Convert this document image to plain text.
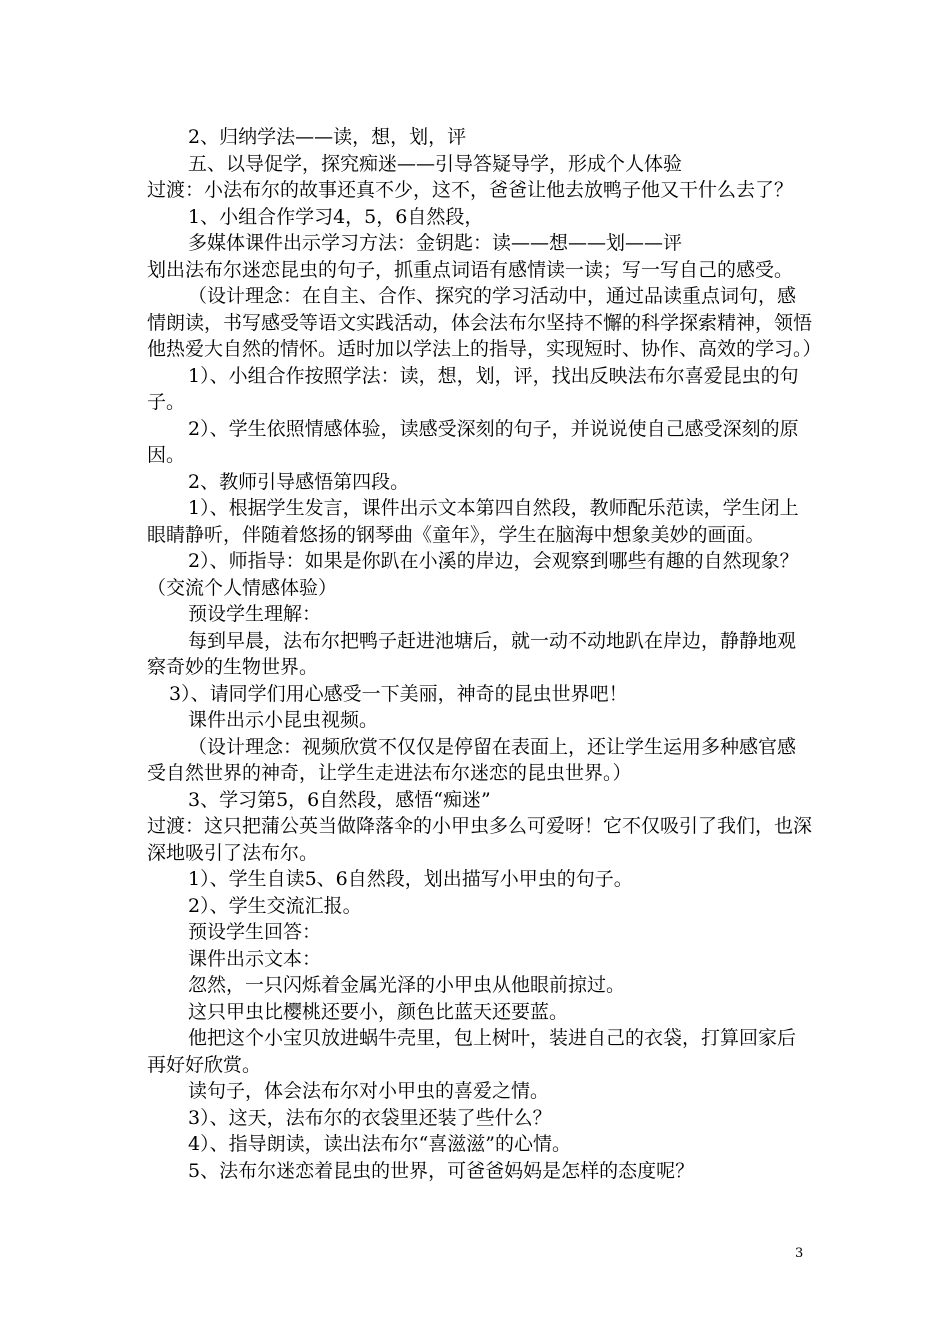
2、归纳学法——读，想，划，评

五、以导促学，探究痴迷——引导答疑导学，形成个人体验

过渡：小法布尔的故事还真不少，这不，爸爸让他去放鸭子他又干什么去了？

1、小组合作学习4，5，6自然段，

多媒体课件出示学习方法：金钥匙：读——想——划——评

划出法布尔迷恋昆虫的句子，抓重点词语有感情读一读；写一写自己的感受。

（设计理念：在自主、合作、探究的学习活动中，通过品读重点词句，感情朗读，书写感受等语文实践活动，体会法布尔坚持不懈的科学探索精神，领悟他热爱大自然的情怀。适时加以学法上的指导，实现短时、协作、高效的学习。）

1）、小组合作按照学法：读，想，划，评，找出反映法布尔喜爱昆虫的句子。

2）、学生依照情感体验，读感受深刻的句子，并说说使自己感受深刻的原因。

2、教师引导感悟第四段。

1）、根据学生发言，课件出示文本第四自然段，教师配乐范读，学生闭上眼睛静听，伴随着悠扬的钢琴曲《童年》，学生在脑海中想象美妙的画面。

2）、师指导：如果是你趴在小溪的岸边，会观察到哪些有趣的自然现象？（交流个人情感体验）

预设学生理解：

每到早晨，法布尔把鸭子赶进池塘后，就一动不动地趴在岸边，静静地观察奇妙的生物世界。

3）、请同学们用心感受一下美丽，神奇的昆虫世界吧！

课件出示小昆虫视频。

（设计理念：视频欣赏不仅仅是停留在表面上，还让学生运用多种感官感受自然世界的神奇，让学生走进法布尔迷恋的昆虫世界。）

3、学习第5，6自然段，感悟“痴迷”

过渡：这只把蒲公英当做降落伞的小甲虫多么可爱呀！它不仅吸引了我们，也深深地吸引了法布尔。

1）、学生自读5、6自然段，划出描写小甲虫的句子。

2）、学生交流汇报。

预设学生回答：

课件出示文本：

忽然，一只闪烁着金属光泽的小甲虫从他眼前掠过。

这只甲虫比樱桃还要小，颜色比蓝天还要蓝。

他把这个小宝贝放进蜗牛壳里，包上树叶，装进自己的衣袋，打算回家后再好好欣赏。

读句子，体会法布尔对小甲虫的喜爱之情。

3）、这天，法布尔的衣袋里还装了些什么？

4）、指导朗读，读出法布尔“喜滋滋”的心情。

5、法布尔迷恋着昆虫的世界，可爸爸妈妈是怎样的态度呢？

3
